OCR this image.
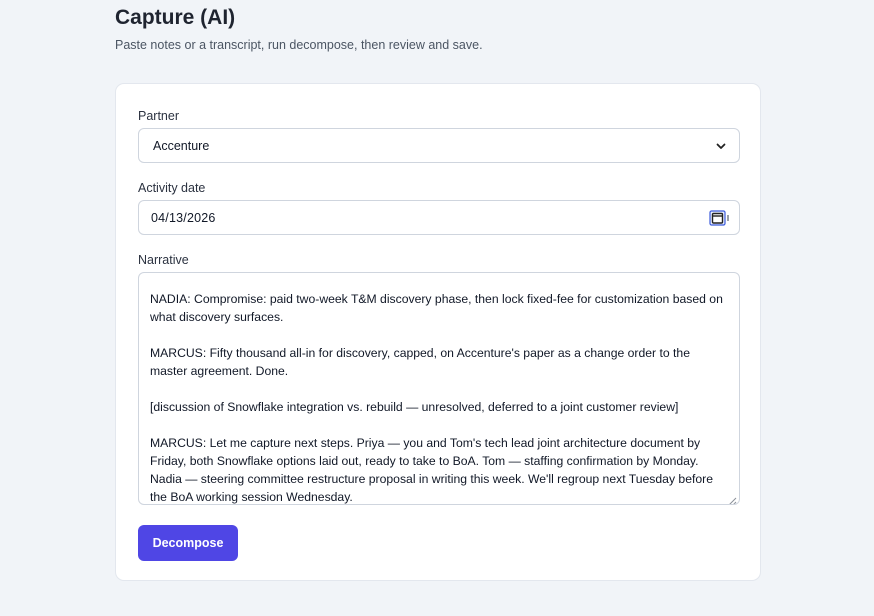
Capture (AI)

Paste notes or a transcript, run decompose, then review and save.

Partner
Accenture
Activity date
04/13/2026
Narrative

NADIA: Compromise: paid two-week T&M discovery phase, then lock fixed-fee for customization based on what discovery surfaces.

MARCUS: Fifty thousand all-in for discovery, capped, on Accenture's paper as a change order to the master agreement. Done.

[discussion of Snowflake integration vs. rebuild — unresolved, deferred to a joint customer review]

MARCUS: Let me capture next steps. Priya — you and Tom's tech lead joint architecture document by Friday, both Snowflake options laid out, ready to take to BoA. Tom — staffing confirmation by Monday. Nadia — steering committee restructure proposal in writing this week. We'll regroup next Tuesday before the BoA working session Wednesday.

Decompose
